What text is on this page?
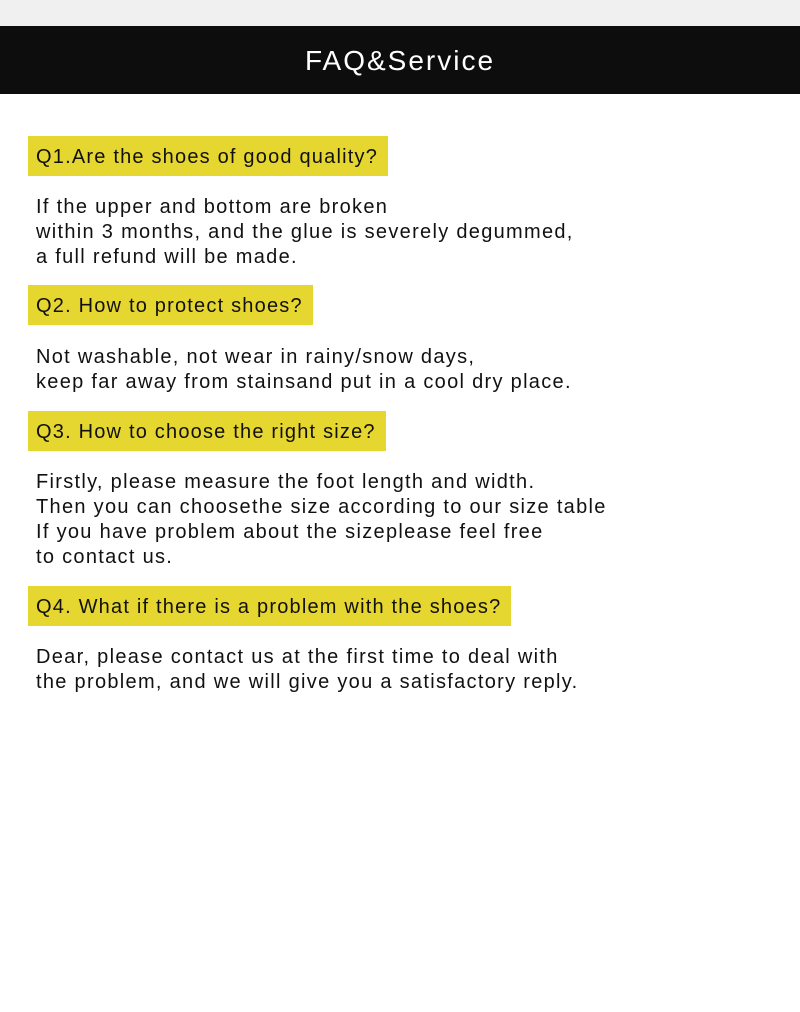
FAQ&Service
Q1.Are the shoes of good quality?
If the upper and bottom are broken
within 3 months, and the glue is severely degummed,
a full refund will be made.
Q2. How to protect shoes?
Not washable, not wear in rainy/snow days,
keep far away from stainsand put in a cool dry place.
Q3. How to choose the right size?
Firstly, please measure the foot length and width.
Then you can choosethe size according to our size table
If you have problem about the sizeplease feel free
to contact us.
Q4. What if there is a problem with the shoes?
Dear, please contact us at the first time to deal with
the problem, and we will give you a satisfactory reply.
